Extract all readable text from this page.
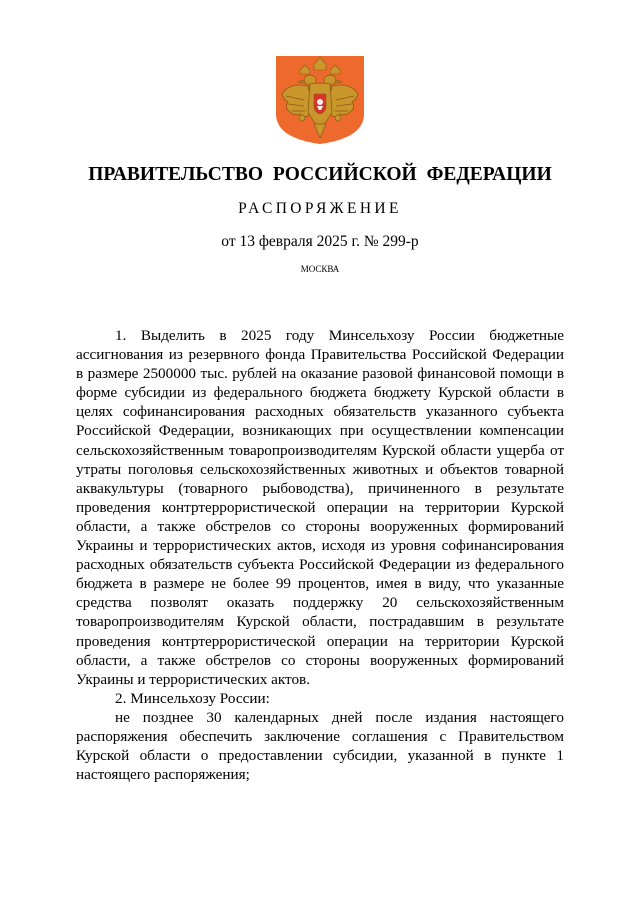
ПРАВИТЕЛЬСТВО РОССИЙСКОЙ ФЕДЕРАЦИИ
РАСПОРЯЖЕНИЕ
от 13 февраля 2025 г. № 299-р
МОСКВА

1. Выделить в 2025 году Минсельхозу России бюджетные ассигнования из резервного фонда Правительства Российской Федерации в размере 2500000 тыс. рублей на оказание разовой финансовой помощи в форме субсидии из федерального бюджета бюджету Курской области в целях софинансирования расходных обязательств указанного субъекта Российской Федерации, возникающих при осуществлении компенсации сельскохозяйственным товаропроизводителям Курской области ущерба от утраты поголовья сельскохозяйственных животных и объектов товарной аквакультуры (товарного рыбоводства), причиненного в результате проведения контртеррористической операции на территории Курской области, а также обстрелов со стороны вооруженных формирований Украины и террористических актов, исходя из уровня софинансирования расходных обязательств субъекта Российской Федерации из федерального бюджета в размере не более 99 процентов, имея в виду, что указанные средства позволят оказать поддержку 20 сельскохозяйственным товаропроизводителям Курской области, пострадавшим в результате проведения контртеррористической операции на территории Курской области, а также обстрелов со стороны вооруженных формирований Украины и террористических актов.

2. Минсельхозу России:

не позднее 30 календарных дней после издания настоящего распоряжения обеспечить заключение соглашения с Правительством Курской области о предоставлении субсидии, указанной в пункте 1 настоящего распоряжения;
